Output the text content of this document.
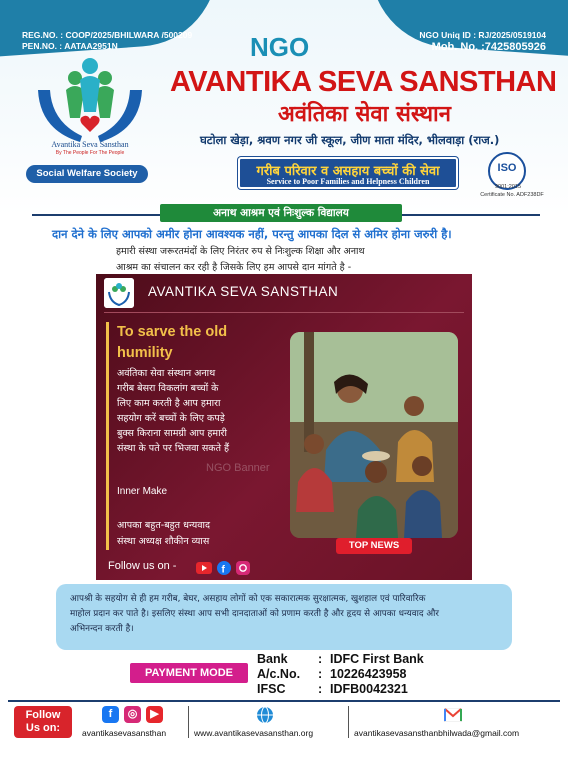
REG.NO. : COOP/2025/BHILWARA /500209
PEN.NO. : AATAA2951N
NGO Uniq ID : RJ/2025/0519104
Mob. No. :7425805926
NGO
Avantika Seva Sansthan
By The People For The People
Social Welfare Society
AVANTIKA SEVA SANSTHAN
अवंतिका सेवा संस्थान
घटोला खेड़ा, श्रवण नगर जी स्कूल, जीण माता मंदिर, भीलवाड़ा (राज.)
गरीब परिवार व असहाय बच्चों की सेवा
Service to Poor Families and Helpness Children
ISO
9001:2015
Certificate No. ADF238DF
अनाथ आश्रम एवं निःशुल्क विद्यालय
दान देने के लिए आपको अमीर होना आवश्यक नहीं, परन्तु आपका दिल से अमिर होना जरुरी है।
हमारी संस्था जरूरतमंदों के लिए निरंतर रुप से निःशुल्क शिक्षा और अनाथ
आश्रम का संचालन कर रही है जिसके लिए हम आपसे दान मांगते है -
AVANTIKA SEVA SANSTHAN
To sarve the old
humility
अवंतिका सेवा संस्थान अनाथ
गरीब बेसरा विकलांग बच्चों के
लिए काम करती है आप हमारा
सहयोग करें बच्चों के लिए कपड़े
बुक्स किराना सामग्री आप हमारी
संस्था के पते पर भिजवा सकते हैं
Inner Make
आपका बहुत-बहुत धन्यवाद
संस्था अध्यक्ष शौकीन व्यास
NGO Banner
TOP NEWS
Follow us on -	f
आपश्री के सहयोग से ही हम गरीब, बेघर, असहाय लोगों को एक सकारात्मक सुरक्षात्मक, खुशहाल एवं पारिवारिक
माहोल प्रदान कर पाते है। इसलिए संस्था आप सभी दानदाताओं को प्रणाम करती है और हृदय से आपका धन्यवाद और
अभिनन्दन करती है।
PAYMENT MODE
Bank : IDFC First Bank
A/c.No. : 10226423958
IFSC	: IDFB0042321
Follow
Us on:
f	◎	▶
avantikasevasansthan	www.avantikasevasansthan.org	avantikasevasansthanbhilwada@gmail.com
